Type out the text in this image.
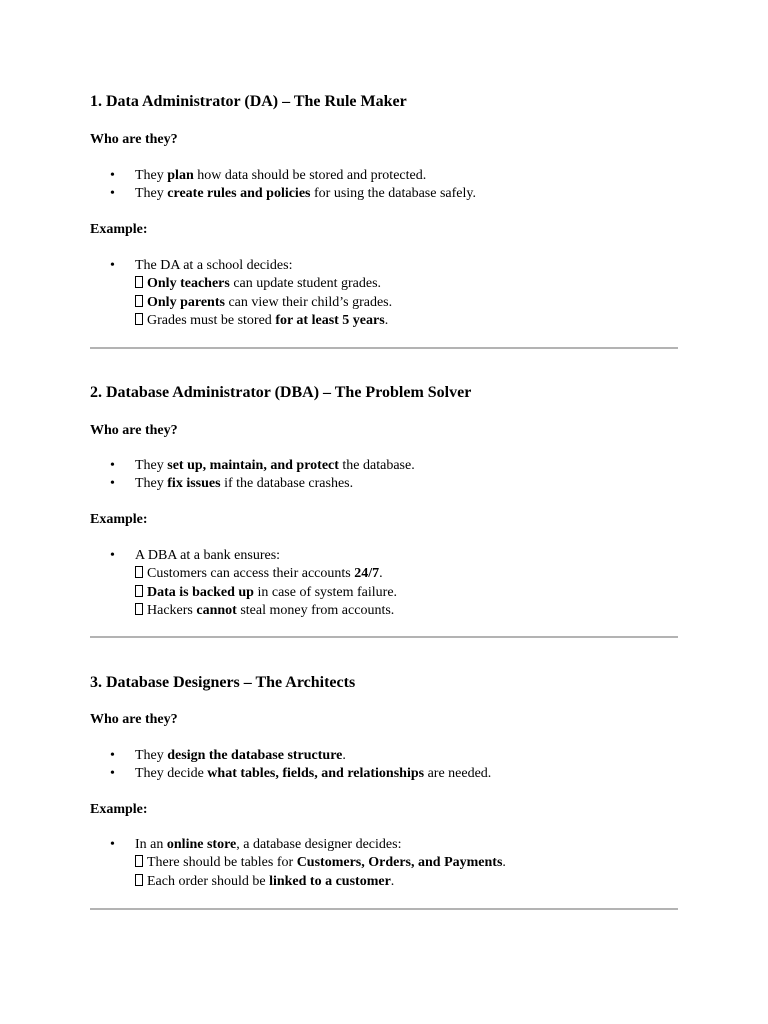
1. Data Administrator (DA) – The Rule Maker
Who are they?
• They plan how data should be stored and protected.
• They create rules and policies for using the database safely.
Example:
• The DA at a school decides:
Only teachers can update student grades.
Only parents can view their child’s grades.
Grades must be stored for at least 5 years.
2. Database Administrator (DBA) – The Problem Solver
Who are they?
• They set up, maintain, and protect the database.
• They fix issues if the database crashes.
Example:
• A DBA at a bank ensures:
Customers can access their accounts 24/7.
Data is backed up in case of system failure.
Hackers cannot steal money from accounts.
3. Database Designers – The Architects
Who are they?
• They design the database structure.
• They decide what tables, fields, and relationships are needed.
Example:
• In an online store, a database designer decides:
There should be tables for Customers, Orders, and Payments.
Each order should be linked to a customer.
